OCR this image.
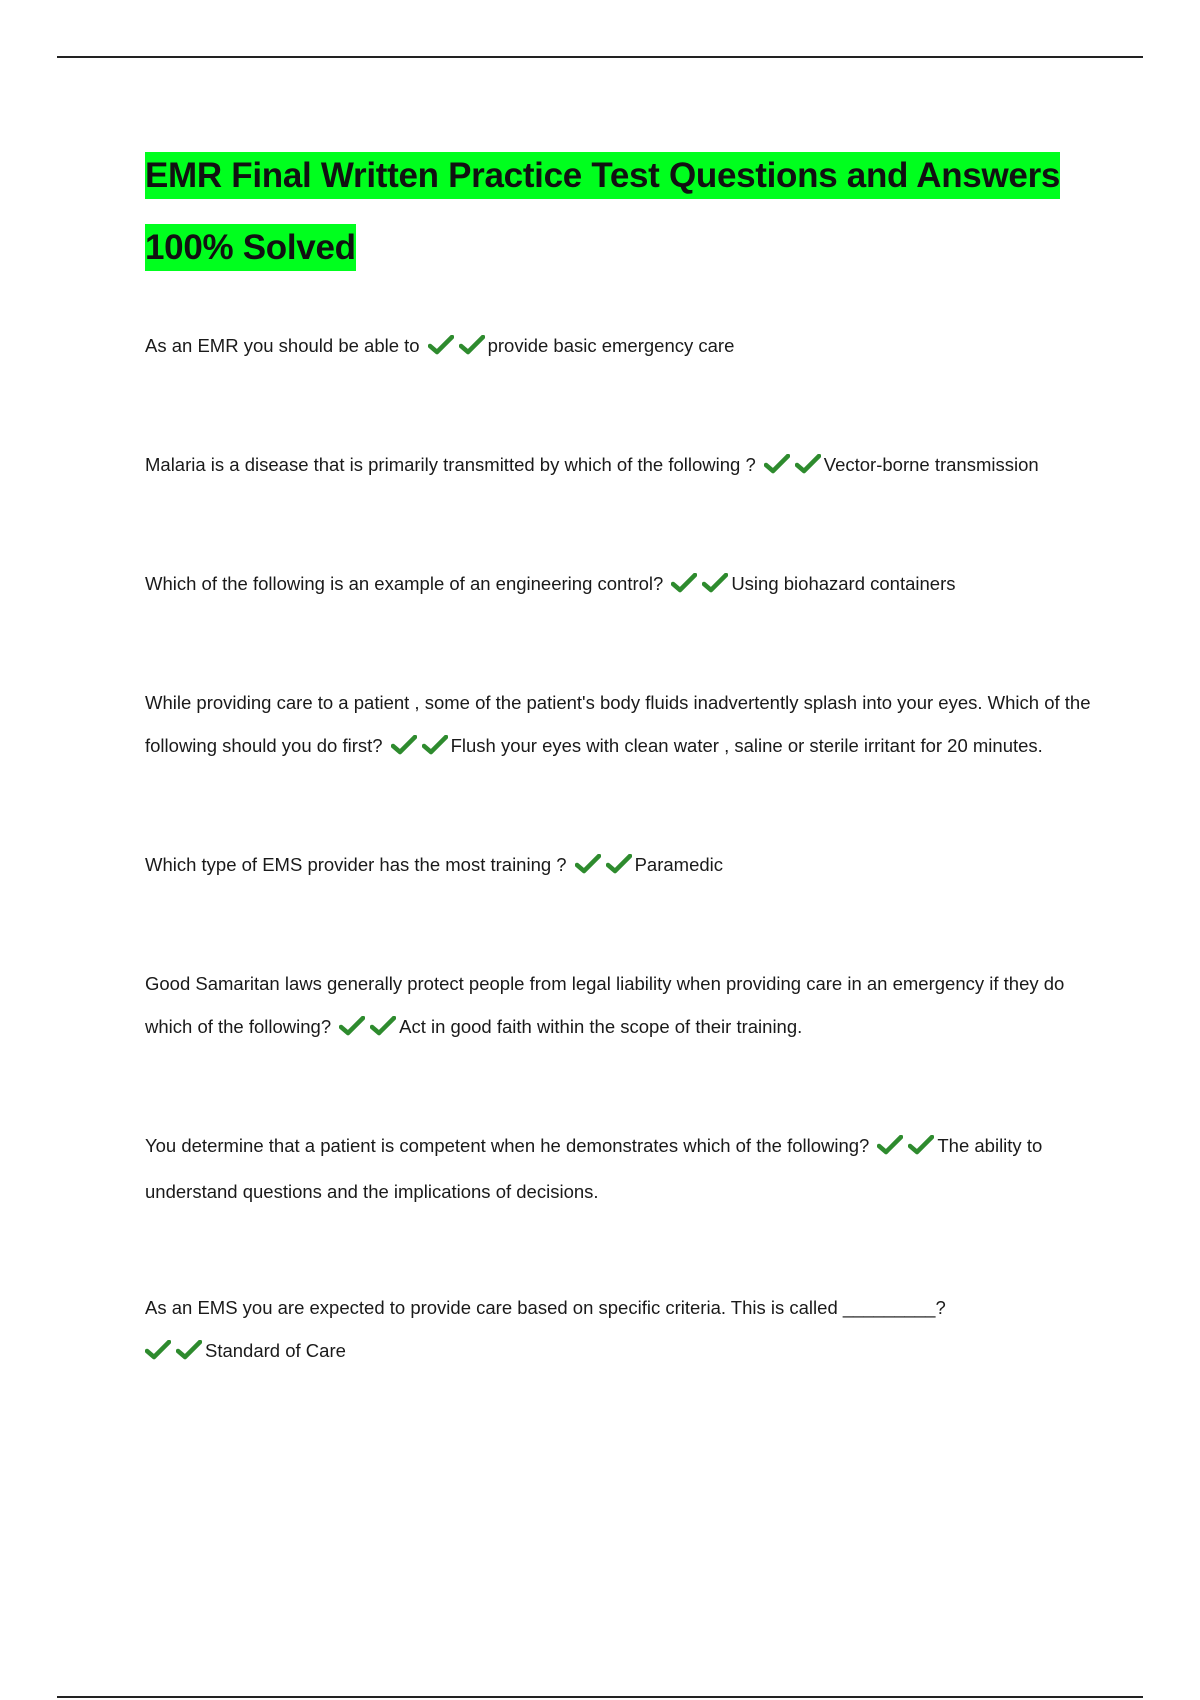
EMR Final Written Practice Test Questions and Answers 100% Solved

As an EMR you should be able to	provide basic emergency care

Malaria is a disease that is primarily transmitted by which of the following ?	Vector-borne transmission

Which of the following is an example of an engineering control?	Using biohazard containers

While providing care to a patient , some of the patient's body fluids inadvertently splash into your eyes. Which of the following should you do first?	Flush your eyes with clean water , saline or sterile irritant for 20 minutes.

Which type of EMS provider has the most training ?	Paramedic

Good Samaritan laws generally protect people from legal liability when providing care in an emergency if they do which of the following?	Act in good faith within the scope of their training.

You determine that a patient is competent when he demonstrates which of the following?	The ability to understand questions and the implications of decisions.

As an EMS you are expected to provide care based on specific criteria. This is called _________?
Standard of Care
